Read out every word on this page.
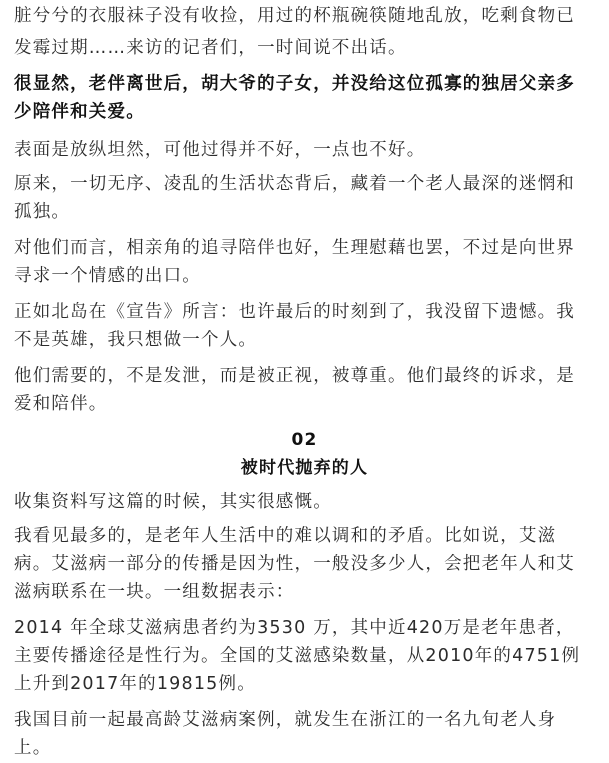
脏兮兮的衣服袜子没有收捡，用过的杯瓶碗筷随地乱放，吃剩食物已
发霉过期……来访的记者们，一时间说不出话。
很显然，老伴离世后，胡大爷的子女，并没给这位孤寡的独居父亲多
少陪伴和关爱。
表面是放纵坦然，可他过得并不好，一点也不好。
原来，一切无序、凌乱的生活状态背后，藏着一个老人最深的迷惘和
孤独。
对他们而言，相亲角的追寻陪伴也好，生理慰藉也罢，不过是向世界
寻求一个情感的出口。
正如北岛在《宣告》所言：也许最后的时刻到了，我没留下遗憾。我
不是英雄，我只想做一个人。
他们需要的，不是发泄，而是被正视，被尊重。他们最终的诉求，是
爱和陪伴。
02
被时代抛弃的人
收集资料写这篇的时候，其实很感慨。
我看见最多的，是老年人生活中的难以调和的矛盾。比如说，艾滋
病。艾滋病一部分的传播是因为性，一般没多少人，会把老年人和艾
滋病联系在一块。一组数据表示：
2014 年全球艾滋病患者约为3530 万，其中近420万是老年患者，
主要传播途径是性行为。全国的艾滋感染数量，从2010年的4751例
上升到2017年的19815例。
我国目前一起最高龄艾滋病案例，就发生在浙江的一名九旬老人身
上。
